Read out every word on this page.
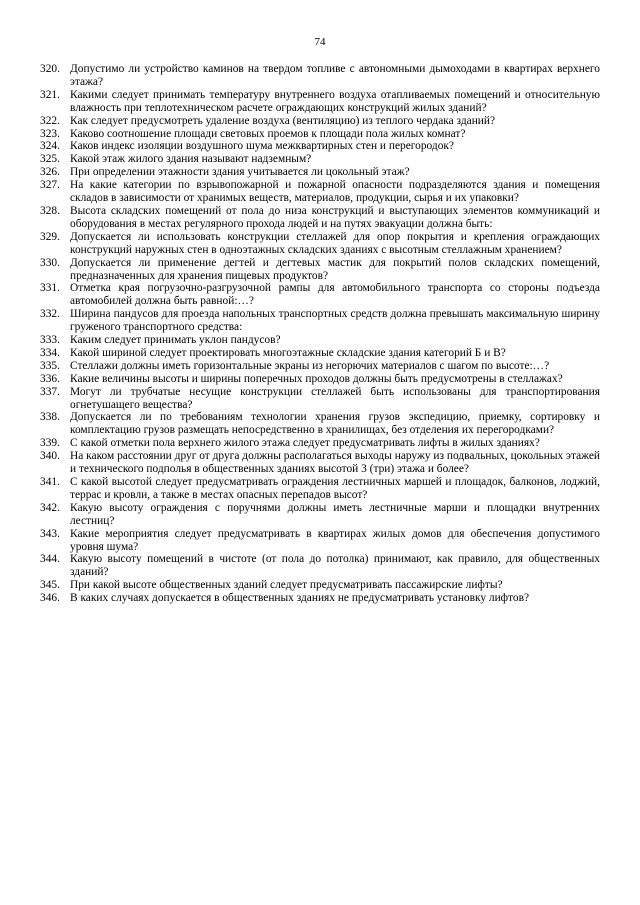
74
320. Допустимо ли устройство каминов на твердом топливе с автономными дымоходами в квартирах верхнего этажа?
321. Какими следует принимать температуру внутреннего воздуха отапливаемых помещений и относительную влажность при теплотехническом расчете ограждающих конструкций жилых зданий?
322. Как следует предусмотреть удаление воздуха (вентиляцию) из теплого чердака зданий?
323. Каково соотношение площади световых проемов к площади пола жилых комнат?
324. Каков индекс изоляции воздушного шума межквартирных стен и перегородок?
325. Какой этаж жилого здания называют надземным?
326. При определении этажности здания учитывается ли цокольный этаж?
327. На какие категории по взрывопожарной и пожарной опасности подразделяются здания и помещения складов в зависимости от хранимых веществ, материалов, продукции, сырья и их упаковки?
328. Высота складских помещений от пола до низа конструкций и выступающих элементов коммуникаций и оборудования в местах регулярного прохода людей и на путях эвакуации должна быть:
329. Допускается ли использовать конструкции стеллажей для опор покрытия и крепления ограждающих конструкций наружных стен в одноэтажных складских зданиях с высотным стеллажным хранением?
330. Допускается ли применение дегтей и дегтевых мастик для покрытий полов складских помещений, предназначенных для хранения пищевых продуктов?
331. Отметка края погрузочно-разгрузочной рампы для автомобильного транспорта со стороны подъезда автомобилей должна быть равной:…?
332. Ширина пандусов для проезда напольных транспортных средств должна превышать максимальную ширину груженого транспортного средства:
333. Каким следует принимать уклон пандусов?
334. Какой шириной следует проектировать многоэтажные складские здания категорий Б и В?
335. Стеллажи должны иметь горизонтальные экраны из негорючих материалов с шагом по высоте:…?
336. Какие величины высоты и ширины поперечных проходов должны быть предусмотрены в стеллажах?
337. Могут ли трубчатые несущие конструкции стеллажей быть использованы для транспортирования огнетушащего вещества?
338. Допускается ли по требованиям технологии хранения грузов экспедицию, приемку, сортировку и комплектацию грузов размещать непосредственно в хранилищах, без отделения их перегородками?
339. С какой отметки пола верхнего жилого этажа следует предусматривать лифты в жилых зданиях?
340. На каком расстоянии друг от друга должны располагаться выходы наружу из подвальных, цокольных этажей и технического подполья в общественных зданиях высотой 3 (три) этажа и более?
341. С какой высотой следует предусматривать ограждения лестничных маршей и площадок, балконов, лоджий, террас и кровли, а также в местах опасных перепадов высот?
342. Какую высоту ограждения с поручнями должны иметь лестничные марши и площадки внутренних лестниц?
343. Какие мероприятия следует предусматривать в квартирах жилых домов для обеспечения допустимого уровня шума?
344. Какую высоту помещений в чистоте (от пола до потолка) принимают, как правило, для общественных зданий?
345. При какой высоте общественных зданий следует предусматривать пассажирские лифты?
346. В каких случаях допускается в общественных зданиях не предусматривать установку лифтов?
